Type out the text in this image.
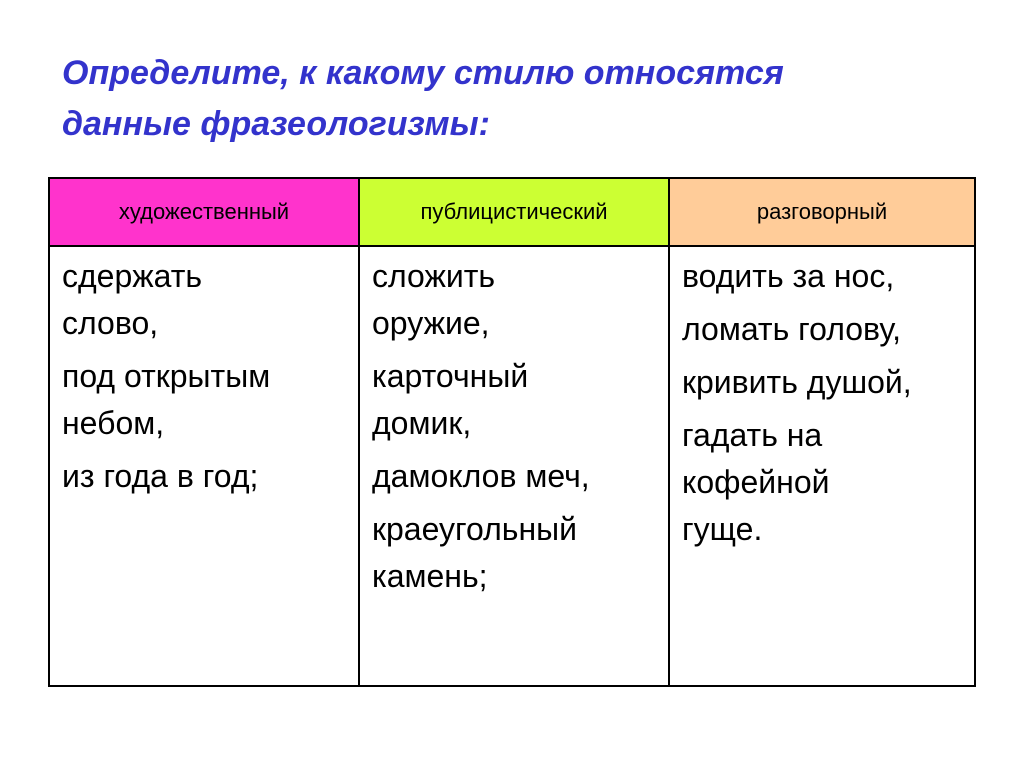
Определите, к какому стилю относятся
данные фразеологизмы:
художественный	публицистический	разговорный
сдержать слово,
под открытым небом,
из года в год;
сложить оружие,
карточный домик,
дамоклов меч,
краеугольный камень;
водить за нос,
ломать голову,
кривить душой,
гадать на кофейной гуще.
